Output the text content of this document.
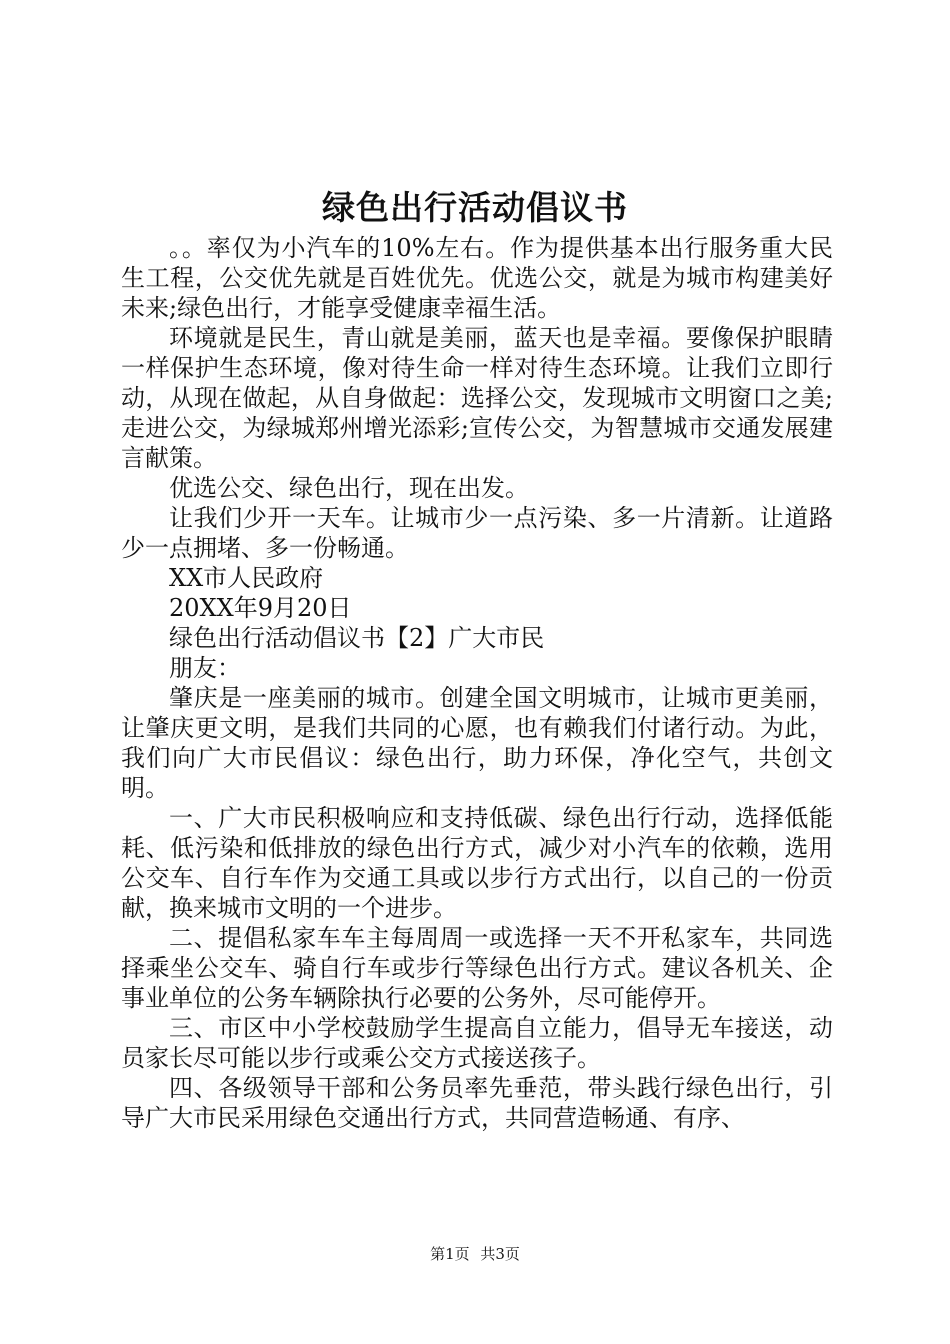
绿色出行活动倡议书

。。率仅为小汽车的10%左右。作为提供基本出行服务重大民生工程，公交优先就是百姓优先。优选公交，就是为城市构建美好未来;绿色出行，才能享受健康幸福生活。

环境就是民生，青山就是美丽，蓝天也是幸福。要像保护眼睛一样保护生态环境，像对待生命一样对待生态环境。让我们立即行动，从现在做起，从自身做起：选择公交，发现城市文明窗口之美;走进公交，为绿城郑州增光添彩;宣传公交，为智慧城市交通发展建言献策。

优选公交、绿色出行，现在出发。

让我们少开一天车。让城市少一点污染、多一片清新。让道路少一点拥堵、多一份畅通。

XX市人民政府

20XX年9月20日

绿色出行活动倡议书【2】广大市民

朋友：

肇庆是一座美丽的城市。创建全国文明城市，让城市更美丽，让肇庆更文明，是我们共同的心愿，也有赖我们付诸行动。为此，我们向广大市民倡议：绿色出行，助力环保，净化空气，共创文明。

一、广大市民积极响应和支持低碳、绿色出行行动，选择低能耗、低污染和低排放的绿色出行方式，减少对小汽车的依赖，选用公交车、自行车作为交通工具或以步行方式出行，以自己的一份贡献，换来城市文明的一个进步。

二、提倡私家车车主每周周一或选择一天不开私家车，共同选择乘坐公交车、骑自行车或步行等绿色出行方式。建议各机关、企事业单位的公务车辆除执行必要的公务外，尽可能停开。

三、市区中小学校鼓励学生提高自立能力，倡导无车接送，动员家长尽可能以步行或乘公交方式接送孩子。

四、各级领导干部和公务员率先垂范，带头践行绿色出行，引导广大市民采用绿色交通出行方式，共同营造畅通、有序、

第1页 共3页
